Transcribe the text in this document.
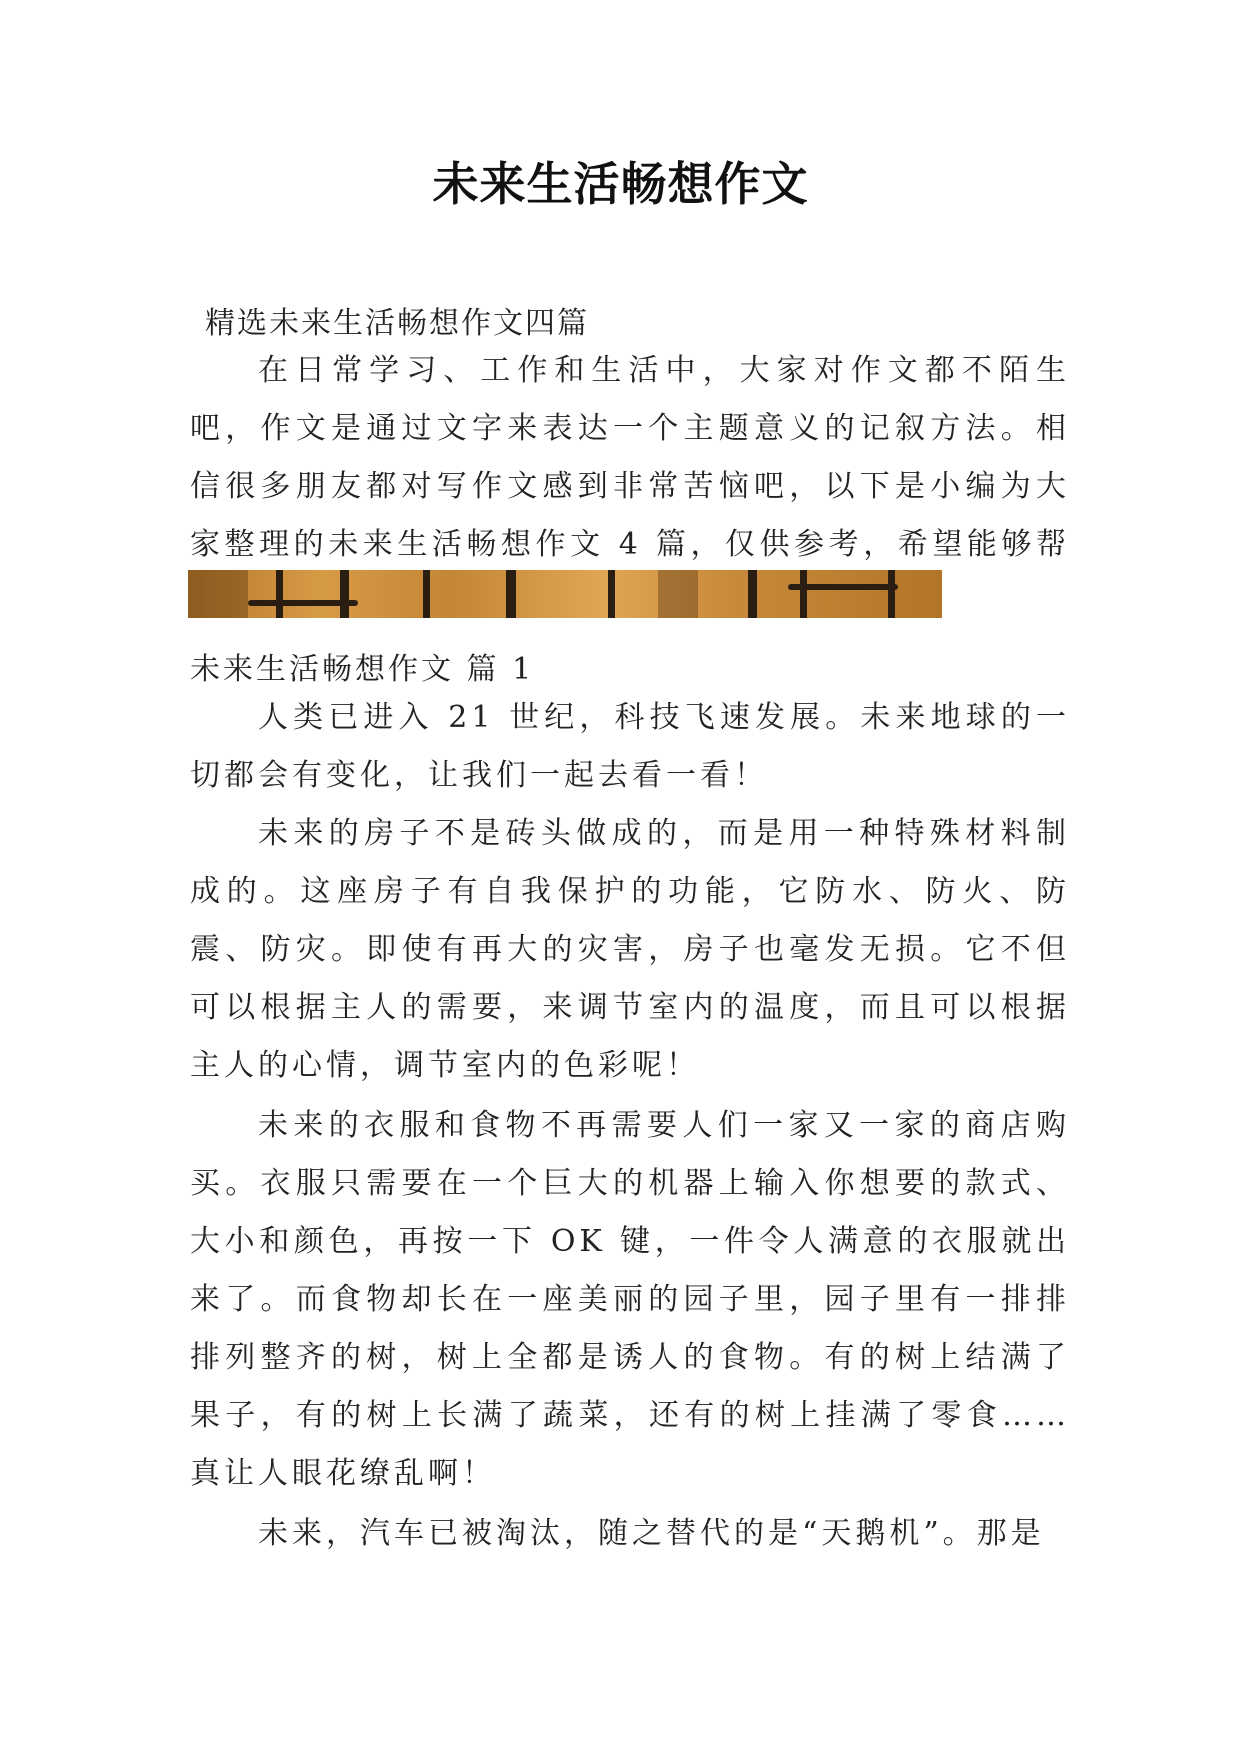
未来生活畅想作文
精选未来生活畅想作文四篇

在日常学习、工作和生活中，大家对作文都不陌生吧，作文是通过文字来表达一个主题意义的记叙方法。相信很多朋友都对写作文感到非常苦恼吧，以下是小编为大家整理的未来生活畅想作文 4 篇，仅供参考，希望能够帮

未来生活畅想作文 篇 1

人类已进入 21 世纪，科技飞速发展。未来地球的一切都会有变化，让我们一起去看一看！

未来的房子不是砖头做成的，而是用一种特殊材料制成的。这座房子有自我保护的功能，它防水、防火、防震、防灾。即使有再大的灾害，房子也毫发无损。它不但可以根据主人的需要，来调节室内的温度，而且可以根据主人的心情，调节室内的色彩呢！

未来的衣服和食物不再需要人们一家又一家的商店购买。衣服只需要在一个巨大的机器上输入你想要的款式、大小和颜色，再按一下 OK 键，一件令人满意的衣服就出来了。而食物却长在一座美丽的园子里，园子里有一排排排列整齐的树，树上全都是诱人的食物。有的树上结满了果子，有的树上长满了蔬菜，还有的树上挂满了零食……真让人眼花缭乱啊！

未来，汽车已被淘汰，随之替代的是“天鹅机”。那是
